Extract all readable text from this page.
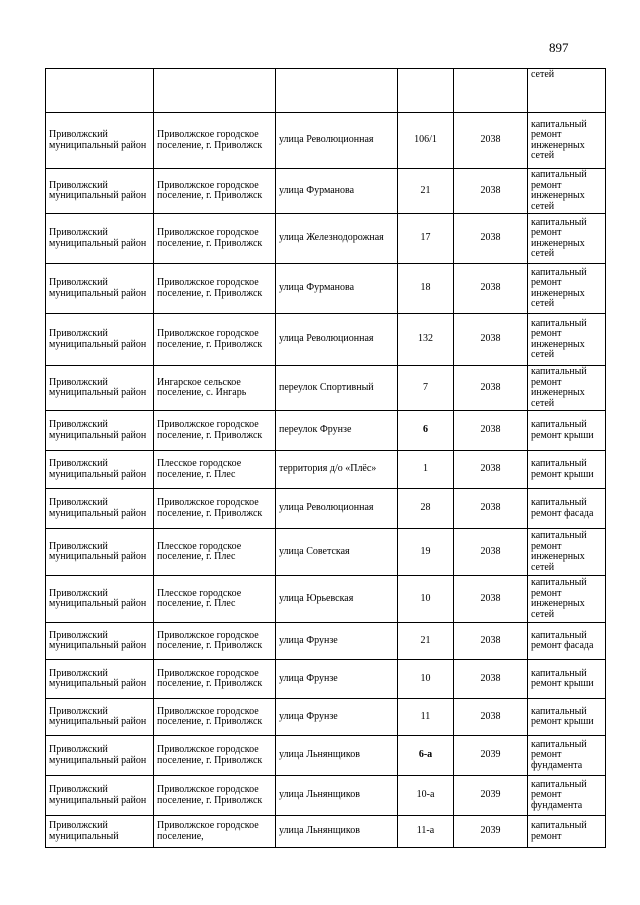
897
					сетей
Приволжский муниципальный район	Приволжское городское поселение, г. Приволжск	улица Революционная	106/1	2038	капитальный ремонт инженерных сетей
Приволжский муниципальный район	Приволжское городское поселение, г. Приволжск	улица Фурманова	21	2038	капитальный ремонт инженерных сетей
Приволжский муниципальный район	Приволжское городское поселение, г. Приволжск	улица Железнодорожная	17	2038	капитальный ремонт инженерных сетей
Приволжский муниципальный район	Приволжское городское поселение, г. Приволжск	улица Фурманова	18	2038	капитальный ремонт инженерных сетей
Приволжский муниципальный район	Приволжское городское поселение, г. Приволжск	улица Революционная	132	2038	капитальный ремонт инженерных сетей
Приволжский муниципальный район	Ингарское сельское поселение, с. Ингарь	переулок Спортивный	7	2038	капитальный ремонт инженерных сетей
Приволжский муниципальный район	Приволжское городское поселение, г. Приволжск	переулок Фрунзе	6	2038	капитальный ремонт крыши
Приволжский муниципальный район	Плесское городское поселение, г. Плес	территория д/о «Плёс»	1	2038	капитальный ремонт крыши
Приволжский муниципальный район	Приволжское городское поселение, г. Приволжск	улица Революционная	28	2038	капитальный ремонт фасада
Приволжский муниципальный район	Плесское городское поселение, г. Плес	улица Советская	19	2038	капитальный ремонт инженерных сетей
Приволжский муниципальный район	Плесское городское поселение, г. Плес	улица Юрьевская	10	2038	капитальный ремонт инженерных сетей
Приволжский муниципальный район	Приволжское городское поселение, г. Приволжск	улица Фрунзе	21	2038	капитальный ремонт фасада
Приволжский муниципальный район	Приволжское городское поселение, г. Приволжск	улица Фрунзе	10	2038	капитальный ремонт крыши
Приволжский муниципальный район	Приволжское городское поселение, г. Приволжск	улица Фрунзе	11	2038	капитальный ремонт крыши
Приволжский муниципальный район	Приволжское городское поселение, г. Приволжск	улица Льнянщиков	6-а	2039	капитальный ремонт фундамента
Приволжский муниципальный район	Приволжское городское поселение, г. Приволжск	улица Льнянщиков	10-а	2039	капитальный ремонт фундамента
Приволжский муниципальный	Приволжское городское поселение,	улица Льнянщиков	11-а	2039	капитальный ремонт
